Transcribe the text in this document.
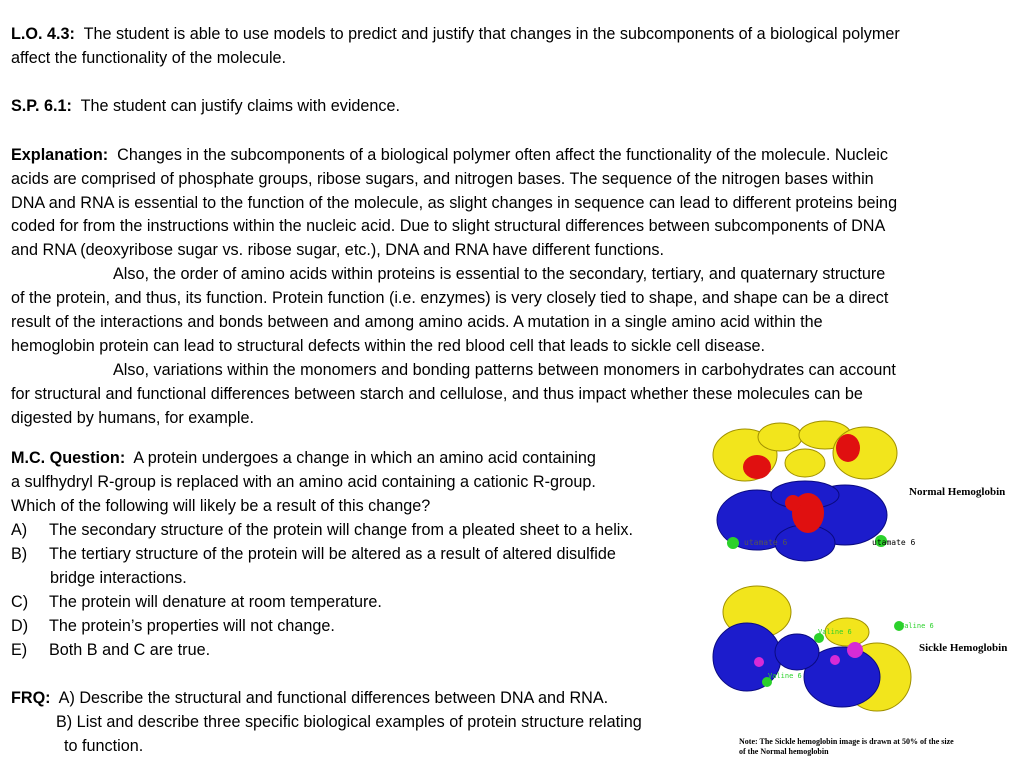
L.O. 4.3: The student is able to use models to predict and justify that changes in the subcomponents of a biological polymer
affect the functionality of the molecule.
S.P. 6.1: The student can justify claims with evidence.
Explanation: Changes in the subcomponents of a biological polymer often affect the functionality of the molecule. Nucleic
acids are comprised of phosphate groups, ribose sugars, and nitrogen bases. The sequence of the nitrogen bases within
DNA and RNA is essential to the function of the molecule, as slight changes in sequence can lead to different proteins being
coded for from the instructions within the nucleic acid. Due to slight structural differences between subcomponents of DNA
and RNA (deoxyribose sugar vs. ribose sugar, etc.), DNA and RNA have different functions.
Also, the order of amino acids within proteins is essential to the secondary, tertiary, and quaternary structure
of the protein, and thus, its function. Protein function (i.e. enzymes) is very closely tied to shape, and shape can be a direct
result of the interactions and bonds between and among amino acids. A mutation in a single amino acid within the
hemoglobin protein can lead to structural defects within the red blood cell that leads to sickle cell disease.
Also, variations within the monomers and bonding patterns between monomers in carbohydrates can account
for structural and functional differences between starch and cellulose, and thus impact whether these molecules can be
digested by humans, for example.
M.C. Question: A protein undergoes a change in which an amino acid containing
a sulfhydryl R-group is replaced with an amino acid containing a cationic R-group.
Which of the following will likely be a result of this change?
A) The secondary structure of the protein will change from a pleated sheet to a helix.
B) The tertiary structure of the protein will be altered as a result of altered disulfide
bridge interactions.
C) The protein will denature at room temperature.
D) The protein’s properties will not change.
E) Both B and C are true.
FRQ: A) Describe the structural and functional differences between DNA and RNA.
B) List and describe three specific biological examples of protein structure relating
to function.
utamate 6
utamate 6
Normal Hemoglobin
Valine 6
Valine 6
Valine 6
Sickle Hemoglobin
Note: The Sickle hemoglobin image is drawn at 50% of the size
of the Normal hemoglobin
